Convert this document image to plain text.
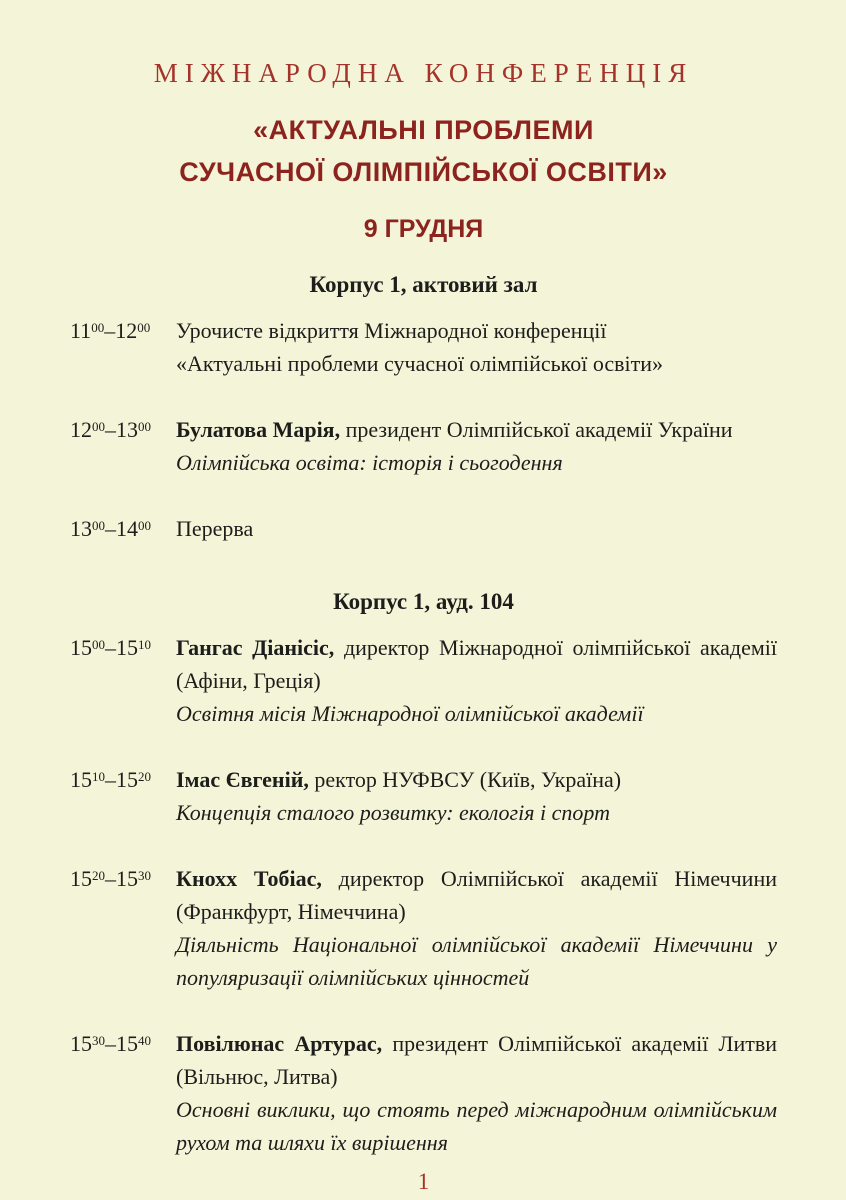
МІЖНАРОДНА КОНФЕРЕНЦІЯ
«АКТУАЛЬНІ ПРОБЛЕМИ
СУЧАСНОЇ ОЛІМПІЙСЬКОЇ ОСВІТИ»
9 ГРУДНЯ
Корпус 1, актовий зал
$11^{00}-12^{00}$	Урочисте відкриття Міжнародної конференції

«Актуальні проблеми сучасної олімпійської освіти»

$12^{00}-13^{00}$	Булатова Марія, президент Олімпійської академії України

Олімпійська освіта: історія і сьогодення

$13^{00}-14^{00}$	Перерва

Корпус 1, ауд. 104
$15^{00}-15^{10}$	Гангас Діанісіс, директор Міжнародної олімпійської академії (Афіни, Греція)

Освітня місія Міжнародної олімпійської академії

$15^{10}-15^{20}$	Імас Євгеній, ректор НУФВСУ (Київ, Україна)

Концепція сталого розвитку: екологія і спорт

$15^{20}-15^{30}$	Кнохх Тобіас, директор Олімпійської академії Німеччини (Франкфурт, Німеччина)

Діяльність Національної олімпійської академії Німеччини у популяризації олімпійських цінностей

$15^{30}-15^{40}$	Повілюнас Артурас, президент Олімпійської академії Литви (Вільнюс, Литва)

Основні виклики, що стоять перед міжнародним олімпійським рухом та шляхи їх вирішення

1
